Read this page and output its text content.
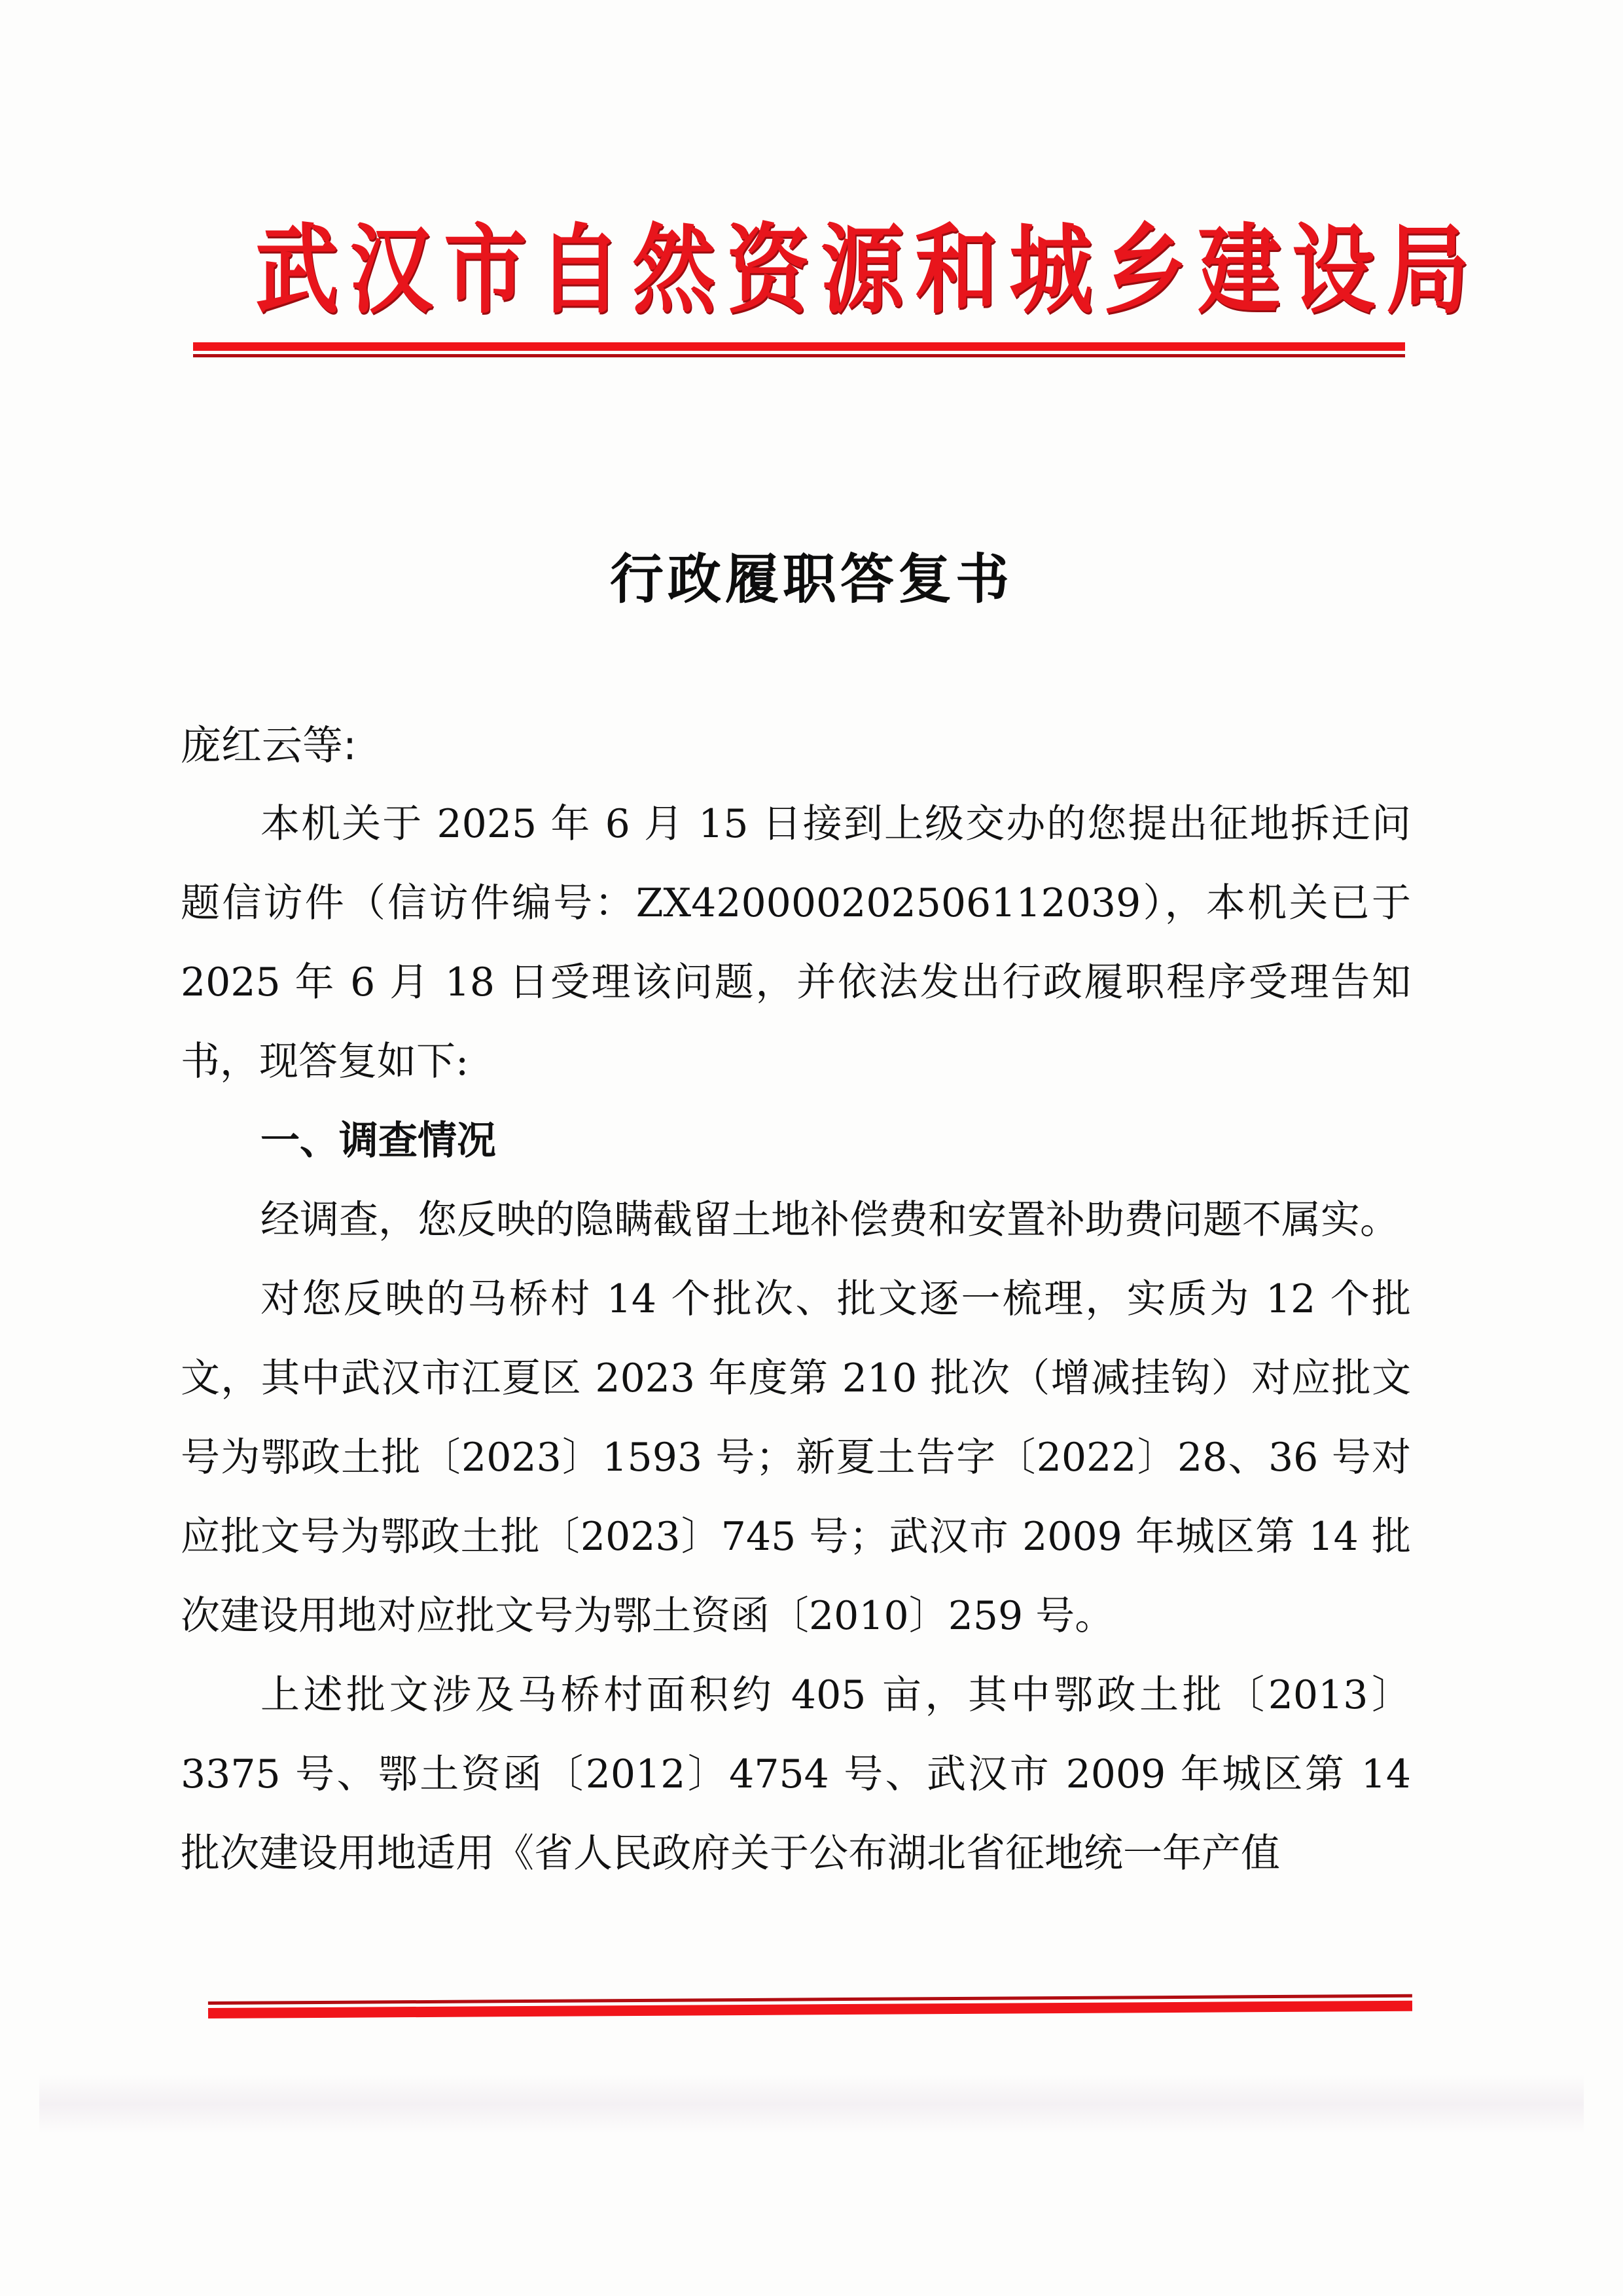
武 汉 市 自 然 资 源 和 城 乡 建 设 局
行政履职答复书

庞红云等:

本机关于 2025 年 6 月 15 日接到上级交办的您提出征地拆迁问题信访件（信访件编号：ZX420000202506112039），本机关已于 2025 年 6 月 18 日受理该问题，并依法发出行政履职程序受理告知书，现答复如下:

一、调查情况

经调查，您反映的隐瞒截留土地补偿费和安置补助费问题不属实。

对您反映的马桥村 14 个批次、批文逐一梳理，实质为 12 个批文，其中武汉市江夏区 2023 年度第 210 批次（增减挂钩）对应批文号为鄂政土批〔2023〕1593 号；新夏土告字〔2022〕28、36 号对应批文号为鄂政土批〔2023〕745 号；武汉市 2009 年城区第 14 批次建设用地对应批文号为鄂土资函〔2010〕259 号。

上述批文涉及马桥村面积约 405 亩，其中鄂政土批〔2013〕3375 号、鄂土资函〔2012〕4754 号、武汉市 2009 年城区第 14 批次建设用地适用《省人民政府关于公布湖北省征地统一年产值
